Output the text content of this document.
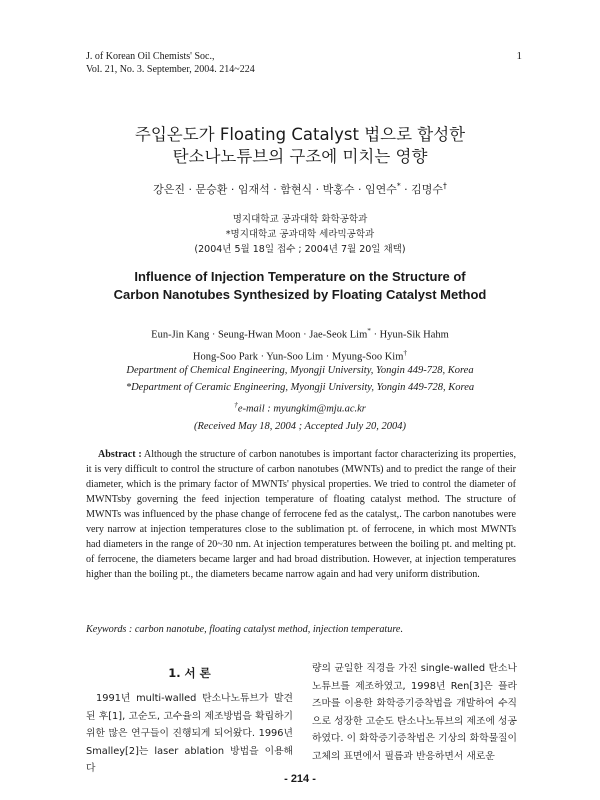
J. of Korean Oil Chemists' Soc.,
Vol. 21, No. 3. September, 2004. 214~224
1
주입온도가 Floating Catalyst 법으로 합성한
탄소나노튜브의 구조에 미치는 영향
강은진 · 문승환 · 임재석 · 함현식 · 박홍수 · 임연수* · 김명수†
명지대학교 공과대학 화학공학과
*명지대학교 공과대학 세라믹공학과
(2004년 5월 18일 접수 ; 2004년 7월 20일 채택)
Influence of Injection Temperature on the Structure of
Carbon Nanotubes Synthesized by Floating Catalyst Method
Eun-Jin Kang · Seung-Hwan Moon · Jae-Seok Lim* · Hyun-Sik Hahm
Hong-Soo Park · Yun-Soo Lim · Myung-Soo Kim†
Department of Chemical Engineering, Myongji University, Yongin 449-728, Korea
*Department of Ceramic Engineering, Myongji University, Yongin 449-728, Korea
†e-mail : myungkim@mju.ac.kr
(Received May 18, 2004 ; Accepted July 20, 2004)
Abstract : Although the structure of carbon nanotubes is important factor characterizing its properties, it is very difficult to control the structure of carbon nanotubes (MWNTs) and to predict the range of their diameter, which is the primary factor of MWNTs' physical properties. We tried to control the diameter of MWNTsby governing the feed injection temperature of floating catalyst method. The structure of MWNTs was influenced by the phase change of ferrocene fed as the catalyst,. The carbon nanotubes were very narrow at injection temperatures close to the sublimation pt. of ferrocene, in which most MWNTs had diameters in the range of 20~30 nm. At injection temperatures between the boiling pt. and melting pt. of ferrocene, the diameters became larger and had broad distribution. However, at injection temperatures higher than the boiling pt., the diameters became narrow again and had very uniform distribution.
Keywords : carbon nanotube, floating catalyst method, injection temperature.
1. 서 론
1991년 multi-walled 탄소나노튜브가 발견된 후[1], 고순도, 고수율의 제조방법을 확립하기 위한 많은 연구들이 진행되게 되어왔다. 1996년 Smalley[2]는 laser ablation 방법을 이용해 다
량의 균일한 직경을 가진 single-walled 탄소나노튜브를 제조하였고, 1998년 Ren[3]은 플라즈마를 이용한 화학증기증착법을 개발하여 수직으로 성장한 고순도 탄소나노튜브의 제조에 성공하였다. 이 화학증기증착법은 기상의 화학물질이 고체의 표면에서 필름과 반응하면서 새로운
- 214 -
